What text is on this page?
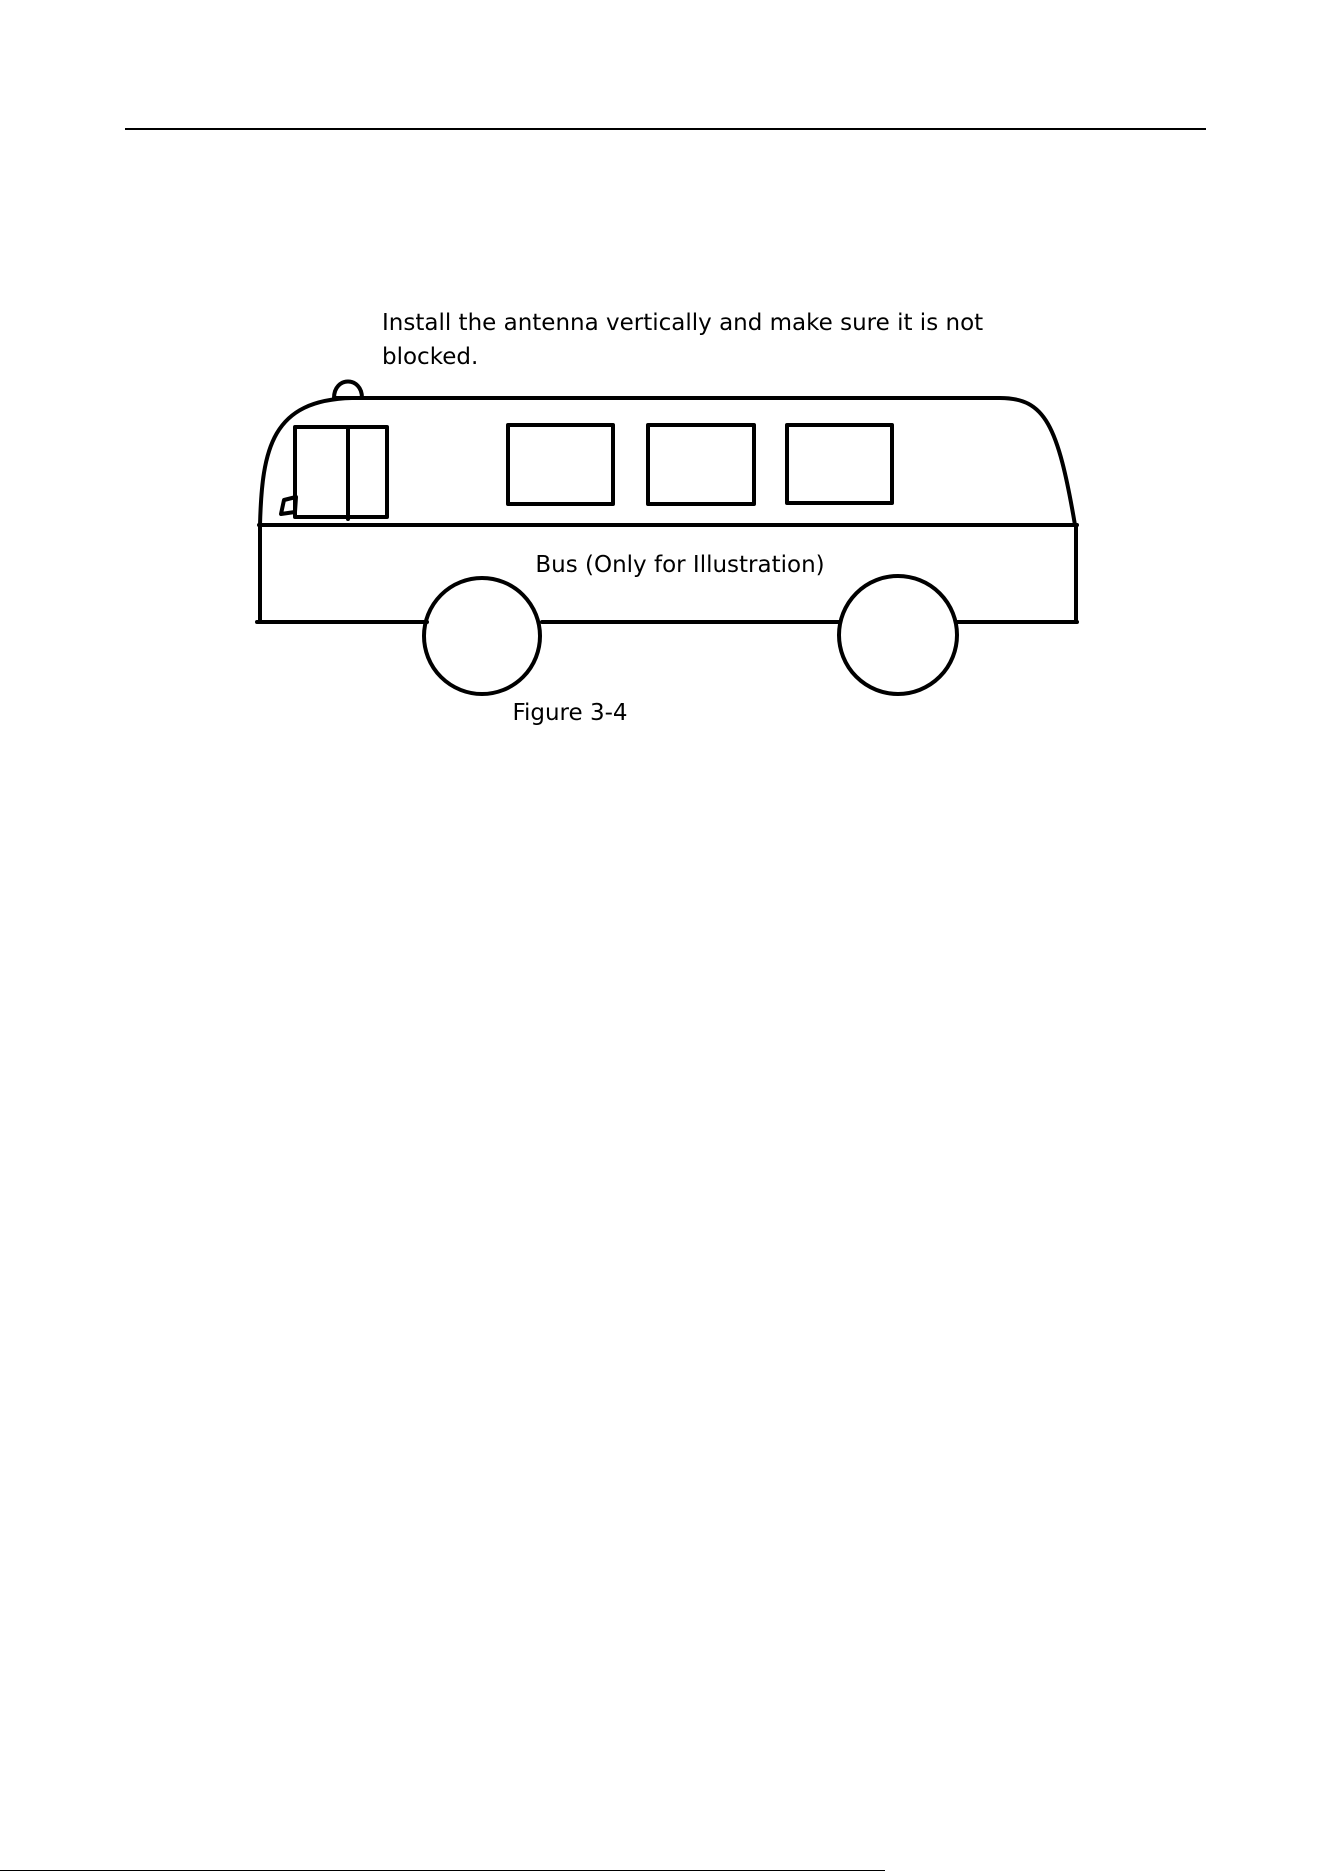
Install the antenna vertically and make sure it is not blocked.
Bus (Only for Illustration)
Figure 3-4
